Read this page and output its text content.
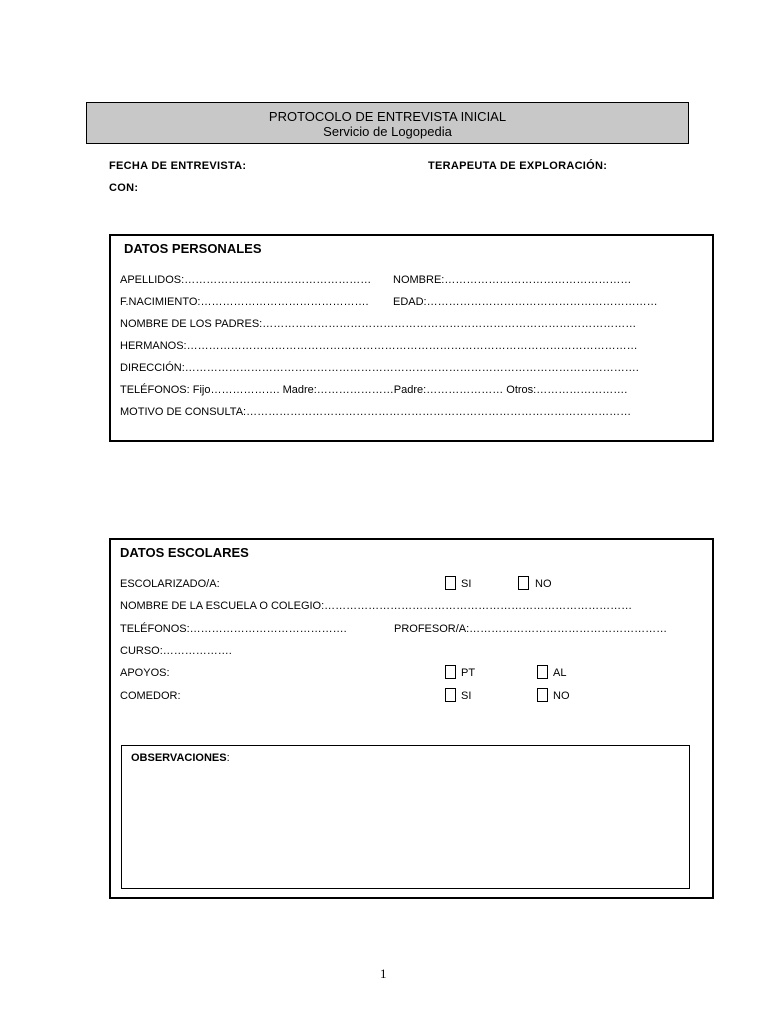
PROTOCOLO DE ENTREVISTA INICIAL
Servicio de Logopedia
FECHA DE ENTREVISTA:	TERAPEUTA DE EXPLORACIÓN:
CON:
DATOS PERSONALES
APELLIDOS:…………………………………………… NOMBRE:……………………………………………
F.NACIMIENTO:………………………………………. EDAD:………………………………………………………
NOMBRE DE LOS PADRES:…………………………………………………………………………………………
HERMANOS:……………………………………………………………………………………………………………
DIRECCIÓN:…………………………………………………………………………………………………………….
TELÉFONOS: Fijo………………. Madre:…………………Padre:………………… Otros:…………………….
MOTIVO DE CONSULTA:……………………………………………………………………………………………
DATOS ESCOLARES
ESCOLARIZADO/A:	SI	NO
NOMBRE DE LA ESCUELA O COLEGIO:…………………………………………………………………………
TELÉFONOS:…………………………………….	PROFESOR/A:………………………………………………
CURSO:……………….
APOYOS:	PT	AL
COMEDOR:	SI	NO
OBSERVACIONES:
1
